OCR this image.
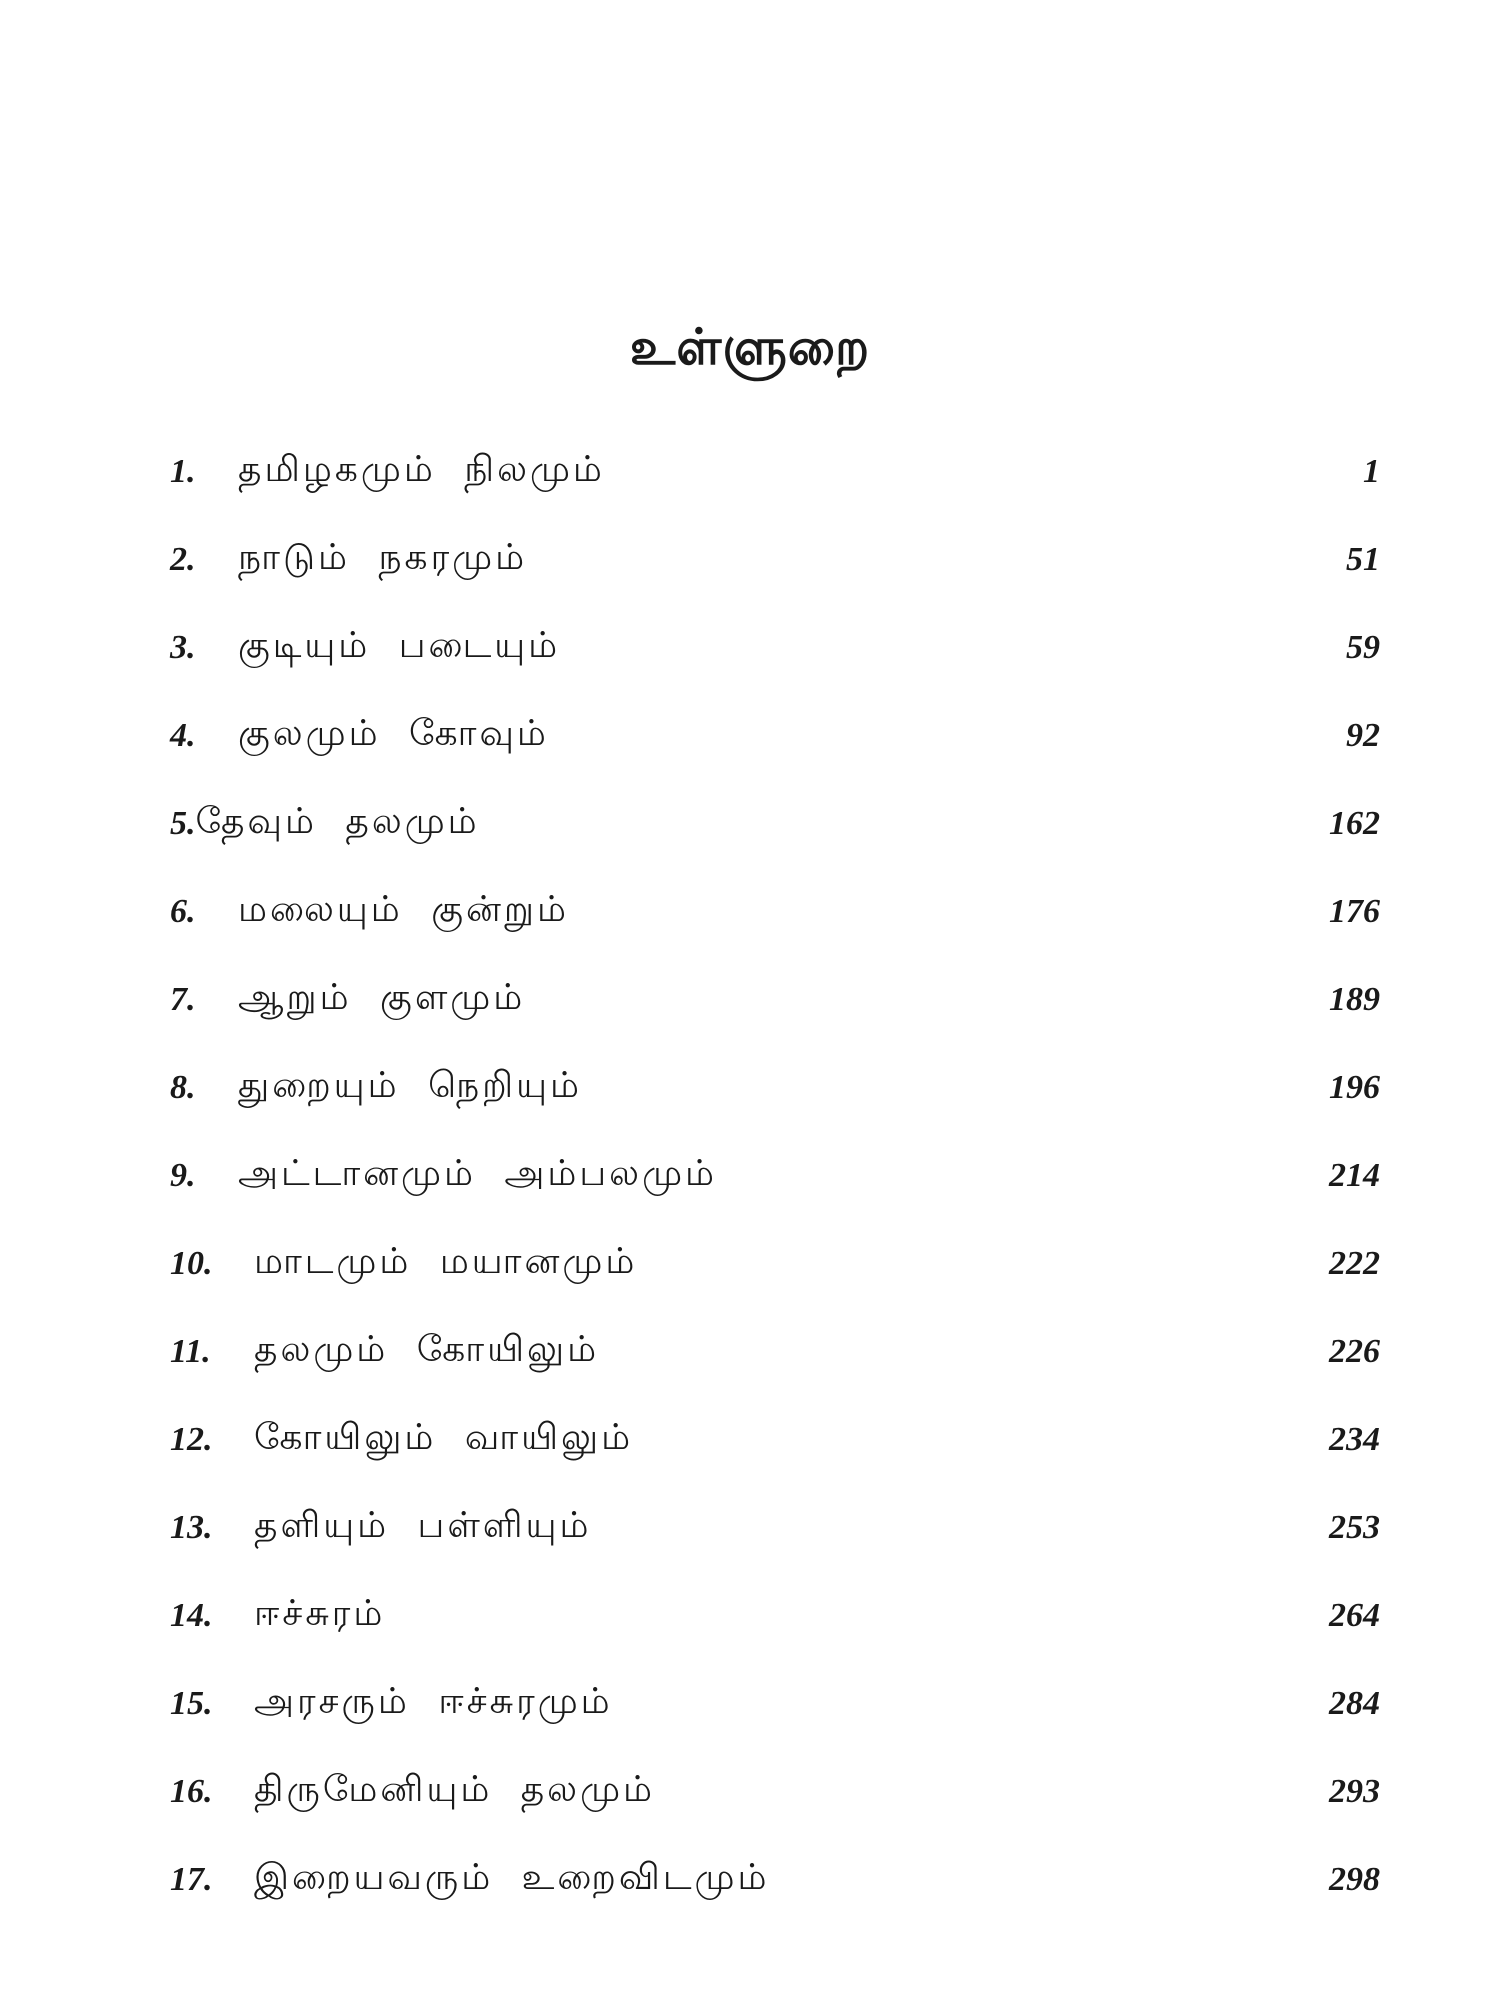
உள்ளுறை
1.	தமிழகமும் நிலமும்	1
2.	நாடும் நகரமும்	51
3.	குடியும் படையும்	59
4.	குலமும் கோவும்	92
5. தேவும் தலமும்	162
6.	மலையும் குன்றும்	176
7.	ஆறும் குளமும்	189
8.	துறையும் நெறியும்	196
9.	அட்டானமும் அம்பலமும்	214
10.	மாடமும் மயானமும்	222
11.	தலமும் கோயிலும்	226
12.	கோயிலும் வாயிலும்	234
13.	தளியும் பள்ளியும்	253
14.	ஈச்சுரம்	264
15.	அரசரும் ஈச்சுரமும்	284
16.	திருமேனியும் தலமும்	293
17.	இறையவரும் உறைவிடமும்	298
